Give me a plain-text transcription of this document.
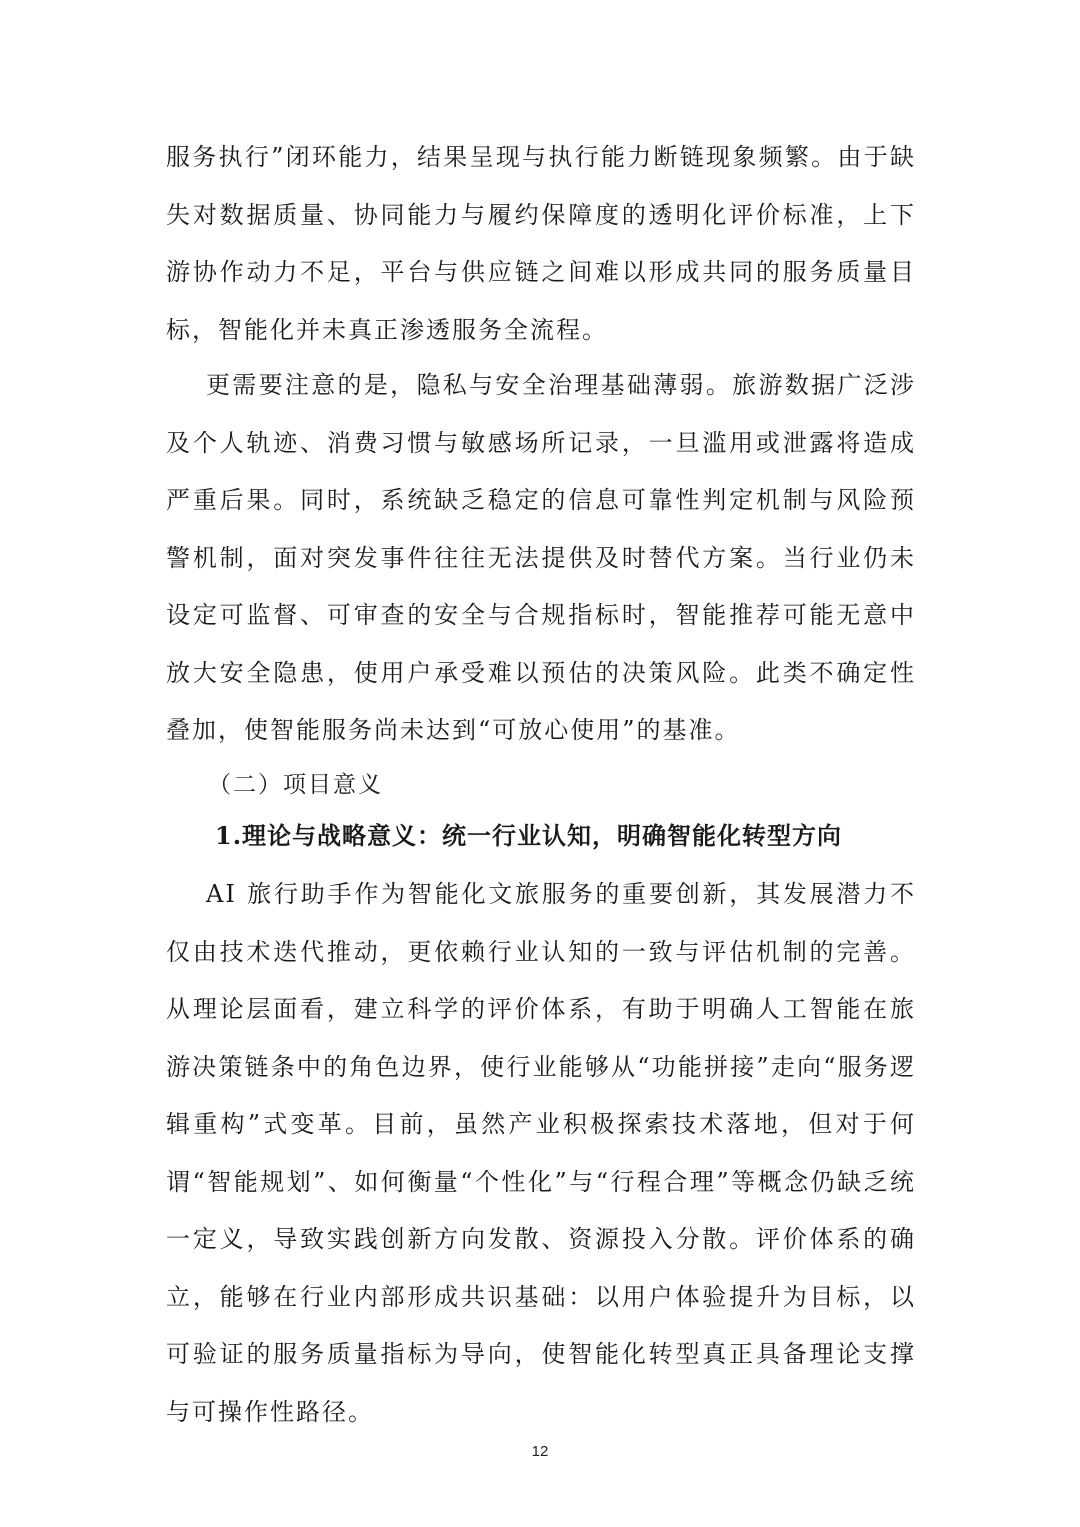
服务执行”闭环能力，结果呈现与执行能力断链现象频繁。由于缺失对数据质量、协同能力与履约保障度的透明化评价标准，上下游协作动力不足，平台与供应链之间难以形成共同的服务质量目标，智能化并未真正渗透服务全流程。
更需要注意的是，隐私与安全治理基础薄弱。旅游数据广泛涉及个人轨迹、消费习惯与敏感场所记录，一旦滥用或泄露将造成严重后果。同时，系统缺乏稳定的信息可靠性判定机制与风险预警机制，面对突发事件往往无法提供及时替代方案。当行业仍未设定可监督、可审查的安全与合规指标时，智能推荐可能无意中放大安全隐患，使用户承受难以预估的决策风险。此类不确定性叠加，使智能服务尚未达到“可放心使用”的基准。
（二）项目意义
1.理论与战略意义：统一行业认知，明确智能化转型方向
AI 旅行助手作为智能化文旅服务的重要创新，其发展潜力不仅由技术迭代推动，更依赖行业认知的一致与评估机制的完善。从理论层面看，建立科学的评价体系，有助于明确人工智能在旅游决策链条中的角色边界，使行业能够从“功能拼接”走向“服务逻辑重构”式变革。目前，虽然产业积极探索技术落地，但对于何谓“智能规划”、如何衡量“个性化”与“行程合理”等概念仍缺乏统一定义，导致实践创新方向发散、资源投入分散。评价体系的确立，能够在行业内部形成共识基础：以用户体验提升为目标，以可验证的服务质量指标为导向，使智能化转型真正具备理论支撑与可操作性路径。
12
